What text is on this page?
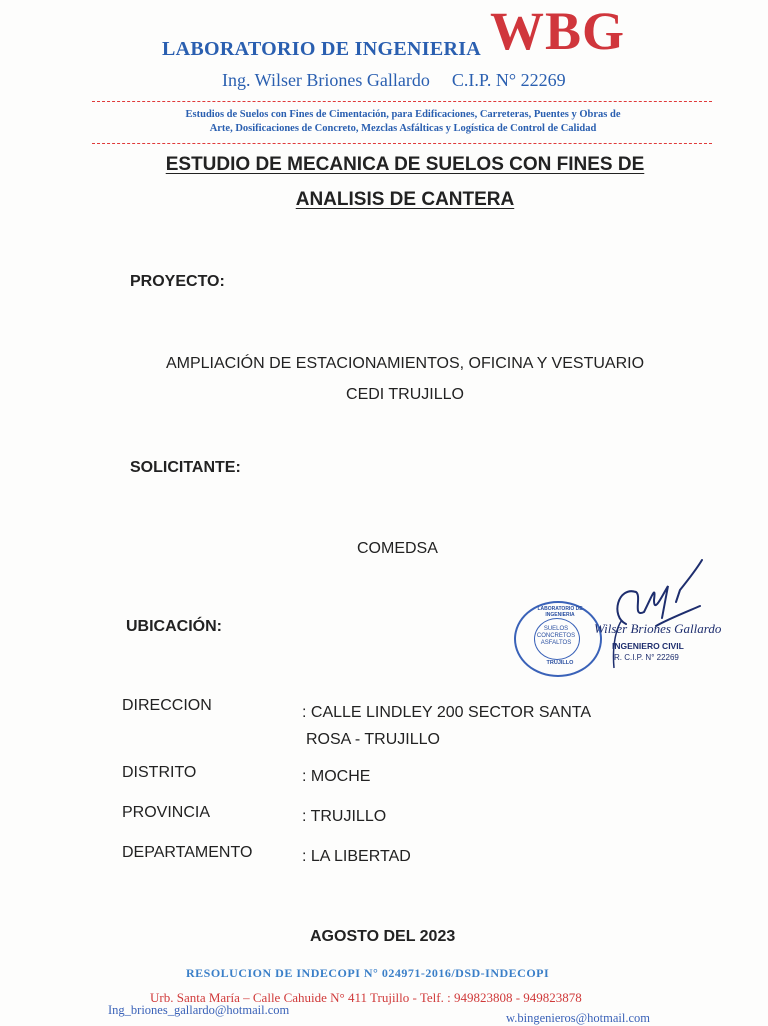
LABORATORIO DE INGENIERIA WBG
Ing. Wilser Briones Gallardo C.I.P. N° 22269
Estudios de Suelos con Fines de Cimentación, para Edificaciones, Carreteras, Puentes y Obras de
Arte, Dosificaciones de Concreto, Mezclas Asfálticas y Logística de Control de Calidad
ESTUDIO DE MECANICA DE SUELOS CON FINES DE
ANALISIS DE CANTERA
PROYECTO:
AMPLIACIÓN DE ESTACIONAMIENTOS, OFICINA Y VESTUARIO
CEDI TRUJILLO
SOLICITANTE:
COMEDSA
UBICACIÓN:	SUELOS CONCRETOS ASFALTOS
LABORATORIO DE INGENIERIA
TRUJILLO
Wilser Briones Gallardo
INGENIERO CIVIL
R. C.I.P. N° 22269
DIRECCION	: CALLE LINDLEY 200 SECTOR SANTA
ROSA - TRUJILLO
DISTRITO	: MOCHE
PROVINCIA	: TRUJILLO
DEPARTAMENTO	: LA LIBERTAD
AGOSTO DEL 2023
RESOLUCION DE INDECOPI N° 024971-2016/DSD-INDECOPI
Urb. Santa María – Calle Cahuide N° 411 Trujillo - Telf. : 949823808 - 949823878
Ing_briones_gallardo@hotmail.com
w.bingenieros@hotmail.com
